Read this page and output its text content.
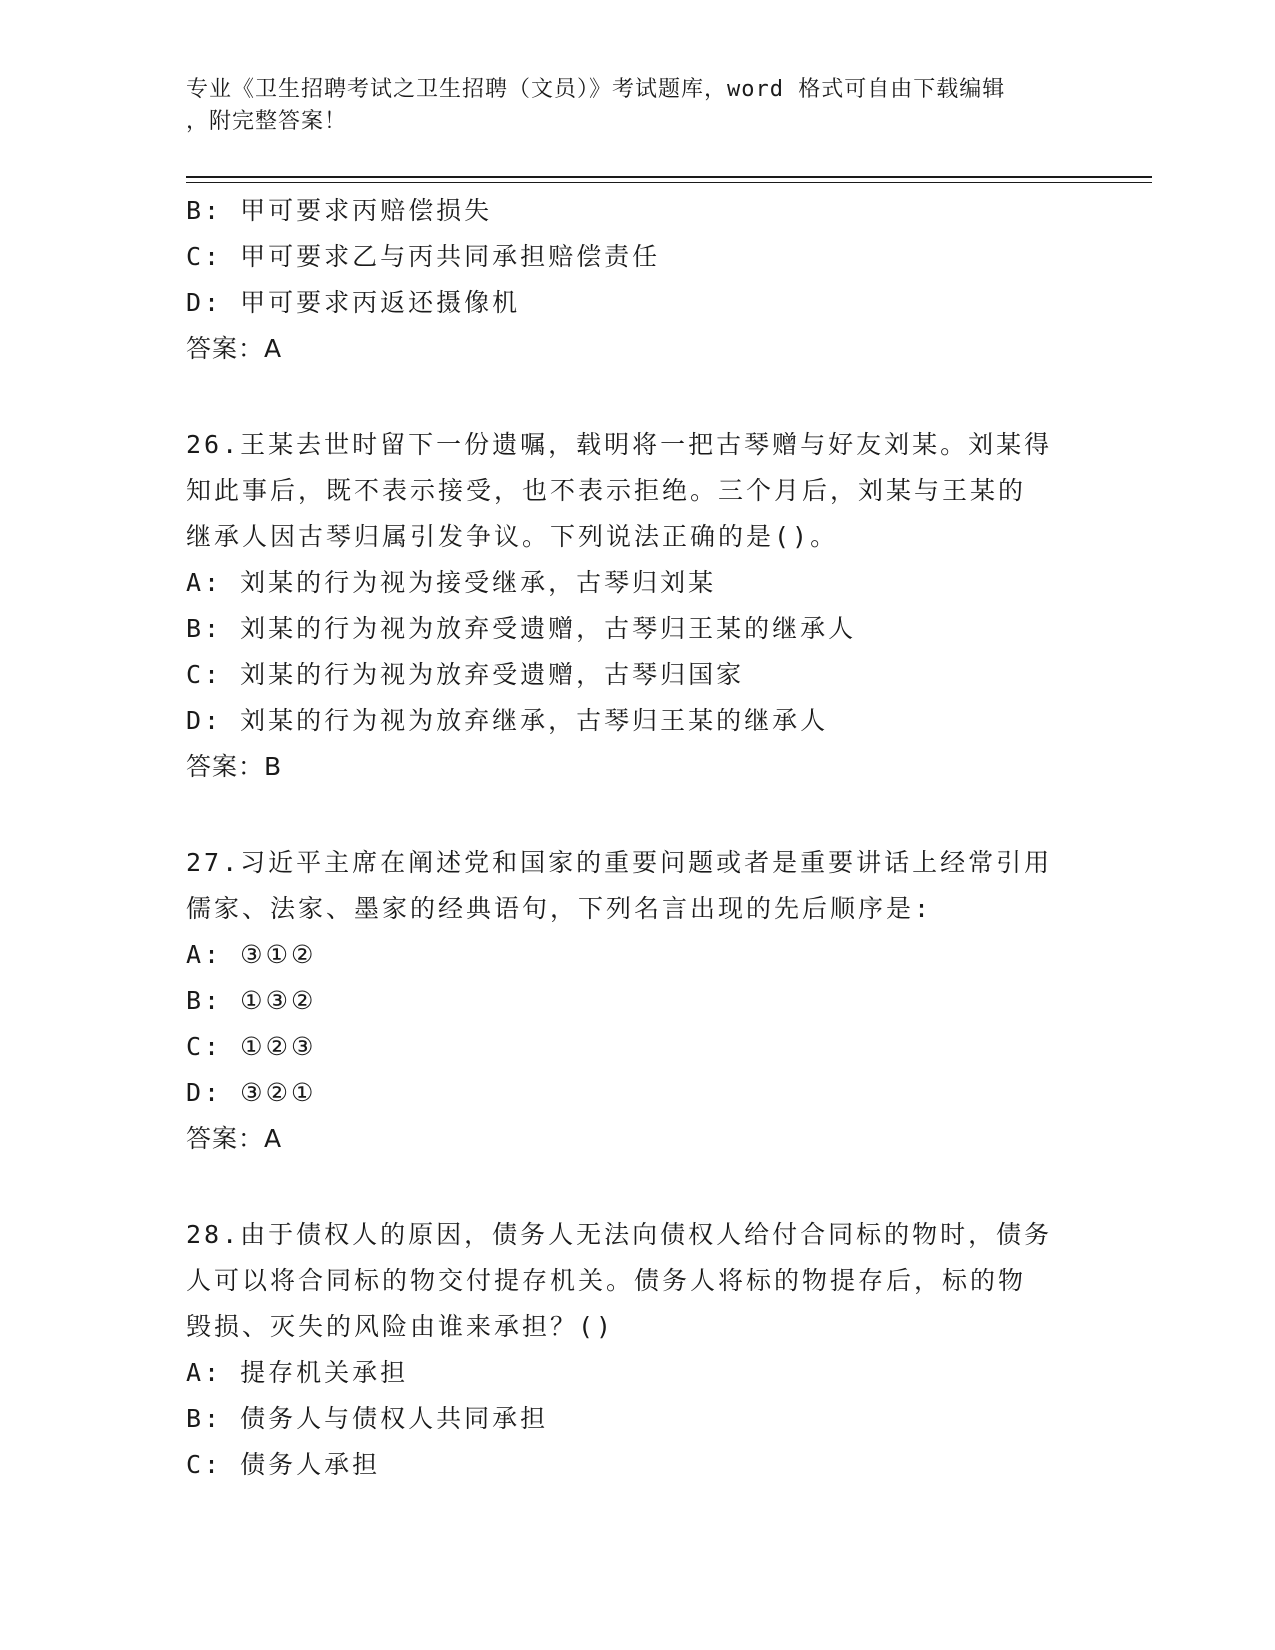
专业《卫生招聘考试之卫生招聘（文员）》考试题库，word 格式可自由下载编辑
，附完整答案！
B: 甲可要求丙赔偿损失
C: 甲可要求乙与丙共同承担赔偿责任
D: 甲可要求丙返还摄像机
答案：A
26.王某去世时留下一份遗嘱，载明将一把古琴赠与好友刘某。刘某得
知此事后，既不表示接受，也不表示拒绝。三个月后，刘某与王某的
继承人因古琴归属引发争议。下列说法正确的是()。
A: 刘某的行为视为接受继承，古琴归刘某
B: 刘某的行为视为放弃受遗赠，古琴归王某的继承人
C: 刘某的行为视为放弃受遗赠，古琴归国家
D: 刘某的行为视为放弃继承，古琴归王某的继承人
答案：B
27.习近平主席在阐述党和国家的重要问题或者是重要讲话上经常引用
儒家、法家、墨家的经典语句，下列名言出现的先后顺序是:
A: ③①②
B: ①③②
C: ①②③
D: ③②①
答案：A
28.由于债权人的原因，债务人无法向债权人给付合同标的物时，债务
人可以将合同标的物交付提存机关。债务人将标的物提存后，标的物
毁损、灭失的风险由谁来承担？()
A: 提存机关承担
B: 债务人与债权人共同承担
C: 债务人承担
